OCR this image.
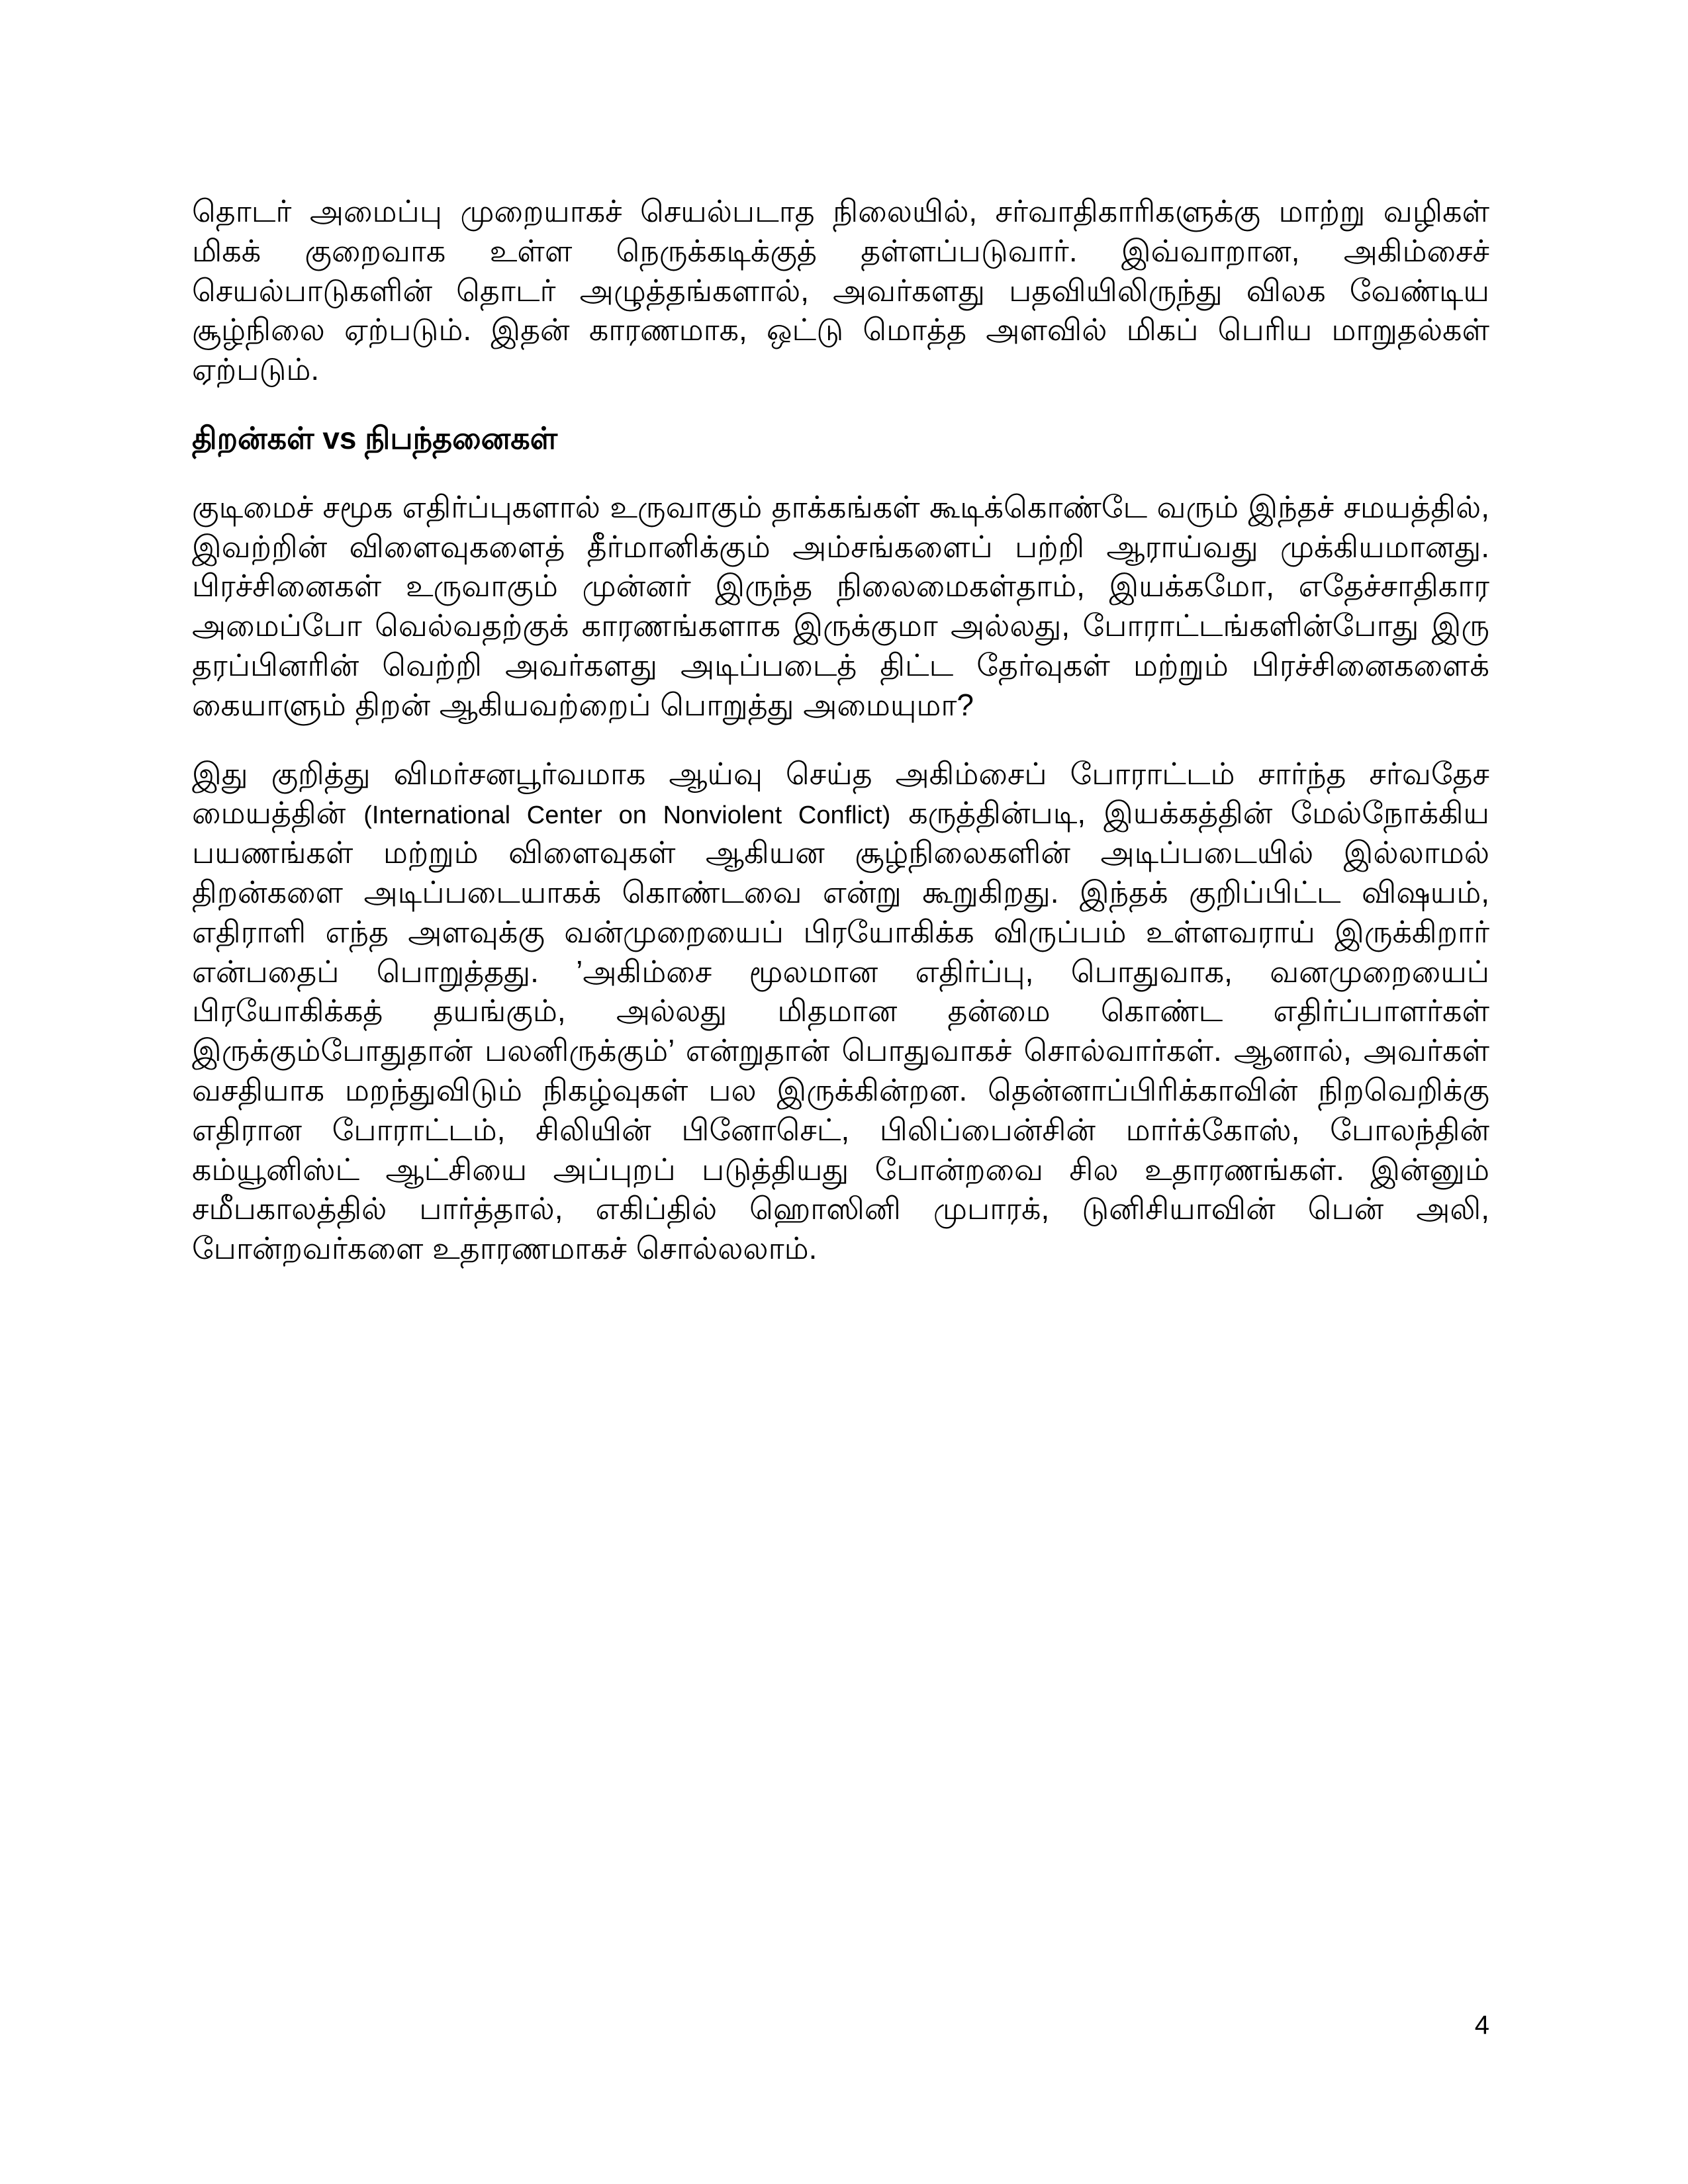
தொடர் அமைப்பு முறையாகச் செயல்படாத நிலையில், சர்வாதிகாரிகளுக்கு மாற்று வழிகள் மிகக் குறைவாக உள்ள நெருக்கடிக்குத் தள்ளப்படுவார். இவ்வாறான, அகிம்சைச் செயல்பாடுகளின் தொடர் அழுத்தங்களால், அவர்களது பதவியிலிருந்து விலக வேண்டிய சூழ்நிலை ஏற்படும். இதன் காரணமாக, ஒட்டு மொத்த அளவில் மிகப் பெரிய மாறுதல்கள் ஏற்படும்.

திறன்கள் vs நிபந்தனைகள்

குடிமைச் சமூக எதிர்ப்புகளால் உருவாகும் தாக்கங்கள் கூடிக்கொண்டே வரும் இந்தச் சமயத்தில், இவற்றின் விளைவுகளைத் தீர்மானிக்கும் அம்சங்களைப் பற்றி ஆராய்வது முக்கியமானது. பிரச்சினைகள் உருவாகும் முன்னர் இருந்த நிலைமைகள்தாம், இயக்கமோ, எதேச்சாதிகார அமைப்போ வெல்வதற்குக் காரணங்களாக இருக்குமா அல்லது, போராட்டங்களின்போது இரு தரப்பினரின் வெற்றி அவர்களது அடிப்படைத் திட்ட தேர்வுகள் மற்றும் பிரச்சினைகளைக் கையாளும் திறன் ஆகியவற்றைப் பொறுத்து அமையுமா?

இது குறித்து விமர்சனபூர்வமாக ஆய்வு செய்த அகிம்சைப் போராட்டம் சார்ந்த சர்வதேச மையத்தின் (International Center on Nonviolent Conflict) கருத்தின்படி, இயக்கத்தின் மேல்நோக்கிய பயணங்கள் மற்றும் விளைவுகள் ஆகியன சூழ்நிலைகளின் அடிப்படையில் இல்லாமல் திறன்களை அடிப்படையாகக் கொண்டவை என்று கூறுகிறது. இந்தக் குறிப்பிட்ட விஷயம், எதிராளி எந்த அளவுக்கு வன்முறையைப் பிரயோகிக்க விருப்பம் உள்ளவராய் இருக்கிறார் என்பதைப் பொறுத்தது. ’அகிம்சை மூலமான எதிர்ப்பு, பொதுவாக, வனமுறையைப் பிரயோகிக்கத் தயங்கும், அல்லது மிதமான தன்மை கொண்ட எதிர்ப்பாளர்கள் இருக்கும்போதுதான் பலனிருக்கும்’ என்றுதான் பொதுவாகச் சொல்வார்கள். ஆனால், அவர்கள் வசதியாக மறந்துவிடும் நிகழ்வுகள் பல இருக்கின்றன. தென்னாப்பிரிக்காவின் நிறவெறிக்கு எதிரான போராட்டம், சிலியின் பினோசெட், பிலிப்பைன்சின் மார்க்கோஸ், போலந்தின் கம்யூனிஸ்ட் ஆட்சியை அப்புறப் படுத்தியது போன்றவை சில உதாரணங்கள். இன்னும் சமீபகாலத்தில் பார்த்தால், எகிப்தில் ஹொஸினி முபாரக், டுனிசியாவின் பென் அலி, போன்றவர்களை உதாரணமாகச் சொல்லலாம்.

4
